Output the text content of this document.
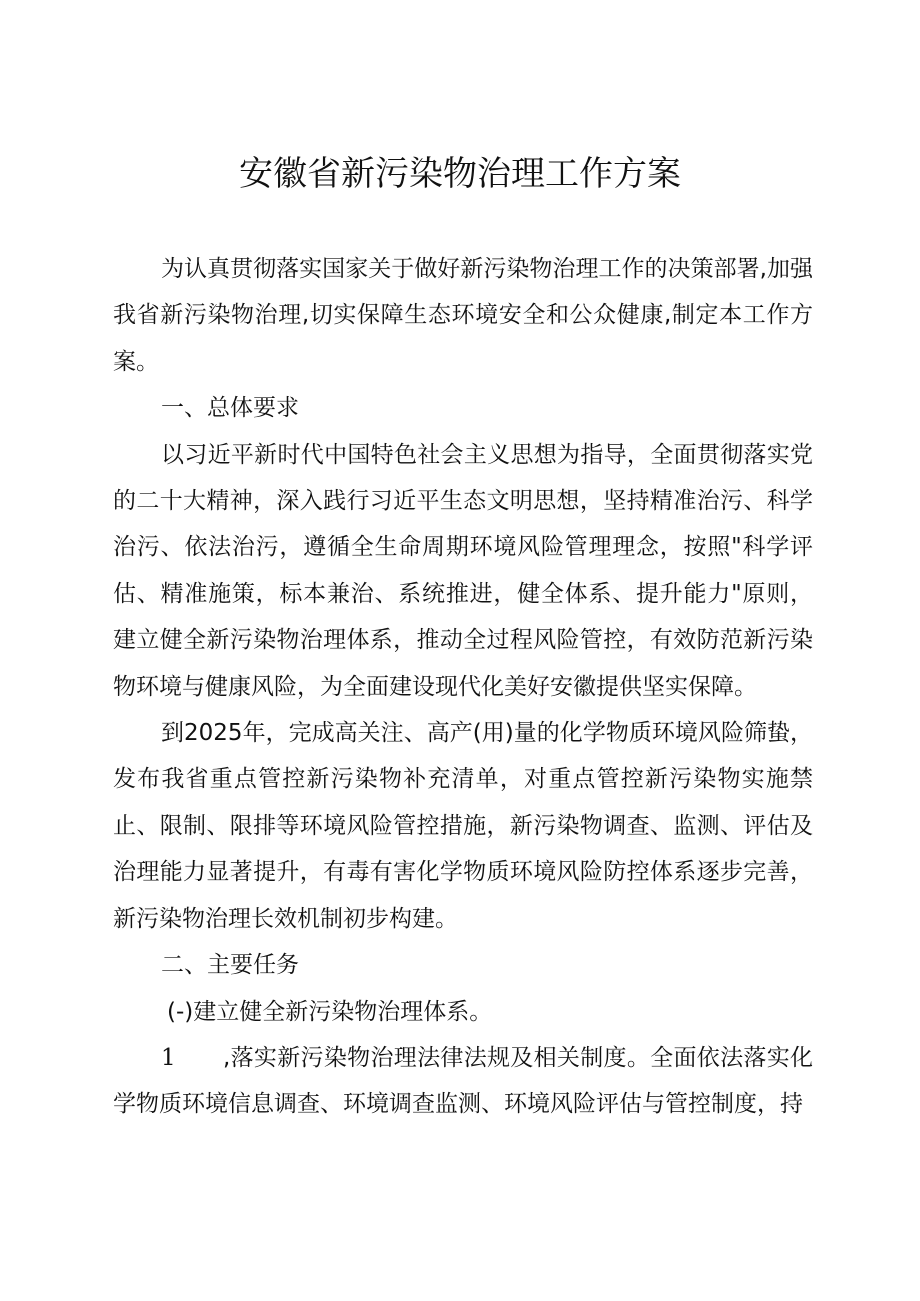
安徽省新污染物治理工作方案

为认真贯彻落实国家关于做好新污染物治理工作的决策部署,加强我省新污染物治理,切实保障生态环境安全和公众健康,制定本工作方案。

一、总体要求

以习近平新时代中国特色社会主义思想为指导，全面贯彻落实党的二十大精神，深入践行习近平生态文明思想，坚持精准治污、科学治污、依法治污，遵循全生命周期环境风险管理理念，按照"科学评估、精准施策，标本兼治、系统推进，健全体系、提升能力"原则，建立健全新污染物治理体系，推动全过程风险管控，有效防范新污染物环境与健康风险，为全面建设现代化美好安徽提供坚实保障。

到2025年，完成高关注、高产(用)量的化学物质环境风险筛蛰，发布我省重点管控新污染物补充清单，对重点管控新污染物实施禁止、限制、限排等环境风险管控措施，新污染物调查、监测、评估及治理能力显著提升，有毒有害化学物质环境风险防控体系逐步完善，新污染物治理长效机制初步构建。

二、主要任务

(-)建立健全新污染物治理体系。

1 ,落实新污染物治理法律法规及相关制度。全面依法落实化学物质环境信息调查、环境调查监测、环境风险评估与管控制度，持
